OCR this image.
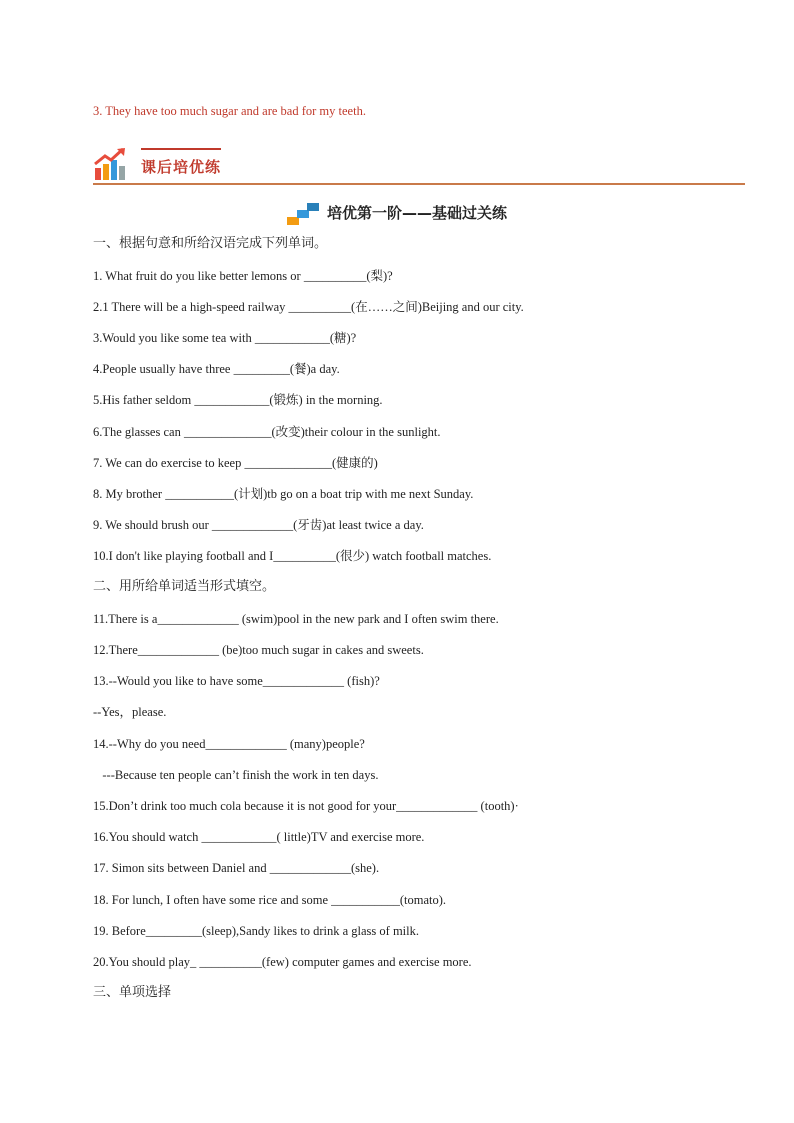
3. They have too much sugar and are bad for my teeth.
课后培优练
培优第一阶——基础过关练
一、根据句意和所给汉语完成下列单词。
1. What fruit do you like better lemons or __________(梨)?
2.1 There will be a high-speed railway __________(在……之间)Beijing and our city.
3.Would you like some tea with ____________(糖)?
4.People usually have three _________(餐)a day.
5.His father seldom ____________(锻炼) in the morning.
6.The glasses can ______________(改变)their colour in the sunlight.
7. We can do exercise to keep ______________(健康的)
8. My brother ___________(计划)tb go on a boat trip with me next Sunday.
9. We should brush our _____________(牙齿)at least twice a day.
10.I don't like playing football and I__________(很少) watch football matches.
二、用所给单词适当形式填空。
11.There is a_____________ (swim)pool in the new park and I often swim there.
12.There_____________ (be)too much sugar in cakes and sweets.
13.--Would you like to have some_____________ (fish)?
--Yes，please.
14.--Why do you need_____________ (many)people?
---Because ten people can’t finish the work in ten days.
15.Don’t drink too much cola because it is not good for your_____________ (tooth)·
16.You should watch ____________( little)TV and exercise more.
17. Simon sits between Daniel and _____________(she).
18. For lunch, I often have some rice and some ___________(tomato).
19. Before_________(sleep),Sandy likes to drink a glass of milk.
20.You should play_ __________(few) computer games and exercise more.
三、单项选择
